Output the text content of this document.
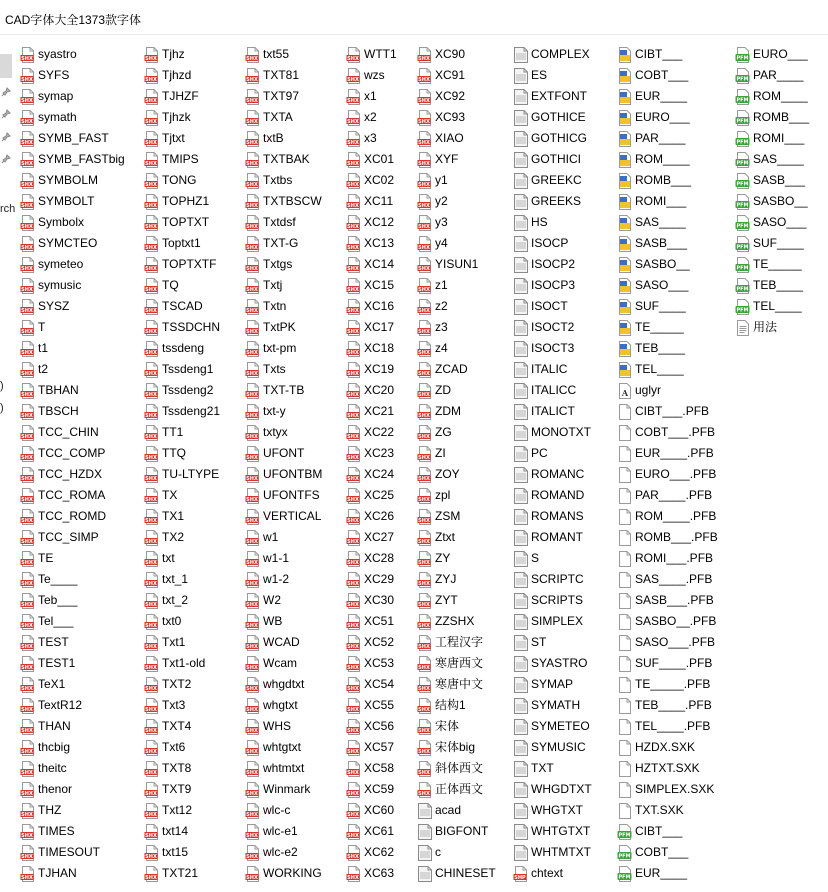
CAD字体大全1373款字体
rch
)
)
SHX syastro
SHX SYFS
SHX symap
SHX symath
SHX SYMB_FAST
SHX SYMB_FASTbig
SHX SYMBOLM
SHX SYMBOLT
SHX Symbolx
SHX SYMCTEO
SHX symeteo
SHX symusic
SHX SYSZ
SHX T
SHX t1
SHX t2
SHX TBHAN
SHX TBSCH
SHX TCC_CHIN
SHX TCC_COMP
SHX TCC_HZDX
SHX TCC_ROMA
SHX TCC_ROMD
SHX TCC_SIMP
SHX TE
SHX Te____
SHX Teb___
SHX Tel___
SHX TEST
SHX TEST1
SHX TeX1
SHX TextR12
SHX THAN
SHX thcbig
SHX theitc
SHX thenor
SHX THZ
SHX TIMES
SHX TIMESOUT
SHX TJHAN
SHX Tjhz
SHX Tjhzd
SHX TJHZF
SHX Tjhzk
SHX Tjtxt
SHX TMIPS
SHX TONG
SHX TOPHZ1
SHX TOPTXT
SHX Toptxt1
SHX TOPTXTF
SHX TQ
SHX TSCAD
SHX TSSDCHN
SHX tssdeng
SHX Tssdeng1
SHX Tssdeng2
SHX Tssdeng21
SHX TT1
SHX TTQ
SHX TU-LTYPE
SHX TX
SHX TX1
SHX TX2
SHX txt
SHX txt_1
SHX txt_2
SHX txt0
SHX Txt1
SHX Txt1-old
SHX TXT2
SHX Txt3
SHX TXT4
SHX Txt6
SHX TXT8
SHX TXT9
SHX Txt12
SHX txt14
SHX txt15
SHX TXT21
SHX txt55
SHX TXT81
SHX TXT97
SHX TXTA
SHX txtB
SHX TXTBAK
SHX Txtbs
SHX TXTBSCW
SHX Txtdsf
SHX TXT-G
SHX Txtgs
SHX Txtj
SHX Txtn
SHX TxtPK
SHX txt-pm
SHX Txts
SHX TXT-TB
SHX txt-y
SHX txtyx
SHX UFONT
SHX UFONTBM
SHX UFONTFS
SHX VERTICAL
SHX w1
SHX w1-1
SHX w1-2
SHX W2
SHX WB
SHX WCAD
SHX Wcam
SHX whgdtxt
SHX whgtxt
SHX WHS
SHX whtgtxt
SHX whtmtxt
SHX Winmark
SHX wlc-c
SHX wlc-e1
SHX wlc-e2
SHX WORKING
SHX WTT1
SHX wzs
SHX x1
SHX x2
SHX x3
SHX XC01
SHX XC02
SHX XC11
SHX XC12
SHX XC13
SHX XC14
SHX XC15
SHX XC16
SHX XC17
SHX XC18
SHX XC19
SHX XC20
SHX XC21
SHX XC22
SHX XC23
SHX XC24
SHX XC25
SHX XC26
SHX XC27
SHX XC28
SHX XC29
SHX XC30
SHX XC51
SHX XC52
SHX XC53
SHX XC54
SHX XC55
SHX XC56
SHX XC57
SHX XC58
SHX XC59
SHX XC60
SHX XC61
SHX XC62
SHX XC63
SHX XC90
SHX XC91
SHX XC92
SHX XC93
SHX XIAO
SHX XYF
SHX y1
SHX y2
SHX y3
SHX y4
SHX YISUN1
SHX z1
SHX z2
SHX z3
SHX z4
SHX ZCAD
SHX ZD
SHX ZDM
SHX ZG
SHX ZI
SHX ZOY
SHX zpl
SHX ZSM
SHX Ztxt
SHX ZY
SHX ZYJ
SHX ZYT
SHX ZZSHX
SHX 工程汉字
SHX 寒唐西文
SHX 寒唐中文
SHX 结构1
SHX 宋体
SHX 宋体big
SHX 斜体西文
SHX 正体西文
acad
BIGFONT
c
CHINESET
COMPLEX
ES
EXTFONT
GOTHICE
GOTHICG
GOTHICI
GREEKC
GREEKS
HS
ISOCP
ISOCP2
ISOCP3
ISOCT
ISOCT2
ISOCT3
ITALIC
ITALICC
ITALICT
MONOTXT
PC
ROMANC
ROMAND
ROMANS
ROMANT
S
SCRIPTC
SCRIPTS
SIMPLEX
ST
SYASTRO
SYMAP
SYMATH
SYMETEO
SYMUSIC
TXT
WHGDTXT
WHGTXT
WHTGTXT
WHTMTXT
SHP chtext
CIBT___
COBT___
EUR____
EURO___
PAR____
ROM____
ROMB___
ROMI___
SAS____
SASB___
SASBO__
SASO___
SUF____
TE_____
TEB____
TEL____
A uglyr
CIBT___.PFB
COBT___.PFB
EUR____.PFB
EURO___.PFB
PAR____.PFB
ROM____.PFB
ROMB___.PFB
ROMI___.PFB
SAS____.PFB
SASB___.PFB
SASBO__.PFB
SASO___.PFB
SUF____.PFB
TE_____.PFB
TEB____.PFB
TEL____.PFB
HZDX.SXK
HZTXT.SXK
SIMPLEX.SXK
TXT.SXK
PFM CIBT___
PFM COBT___
PFM EUR____
PFM EURO___
PFM PAR____
PFM ROM____
PFM ROMB___
PFM ROMI___
PFM SAS____
PFM SASB___
PFM SASBO__
PFM SASO___
PFM SUF____
PFM TE_____
PFM TEB____
PFM TEL____
用法
